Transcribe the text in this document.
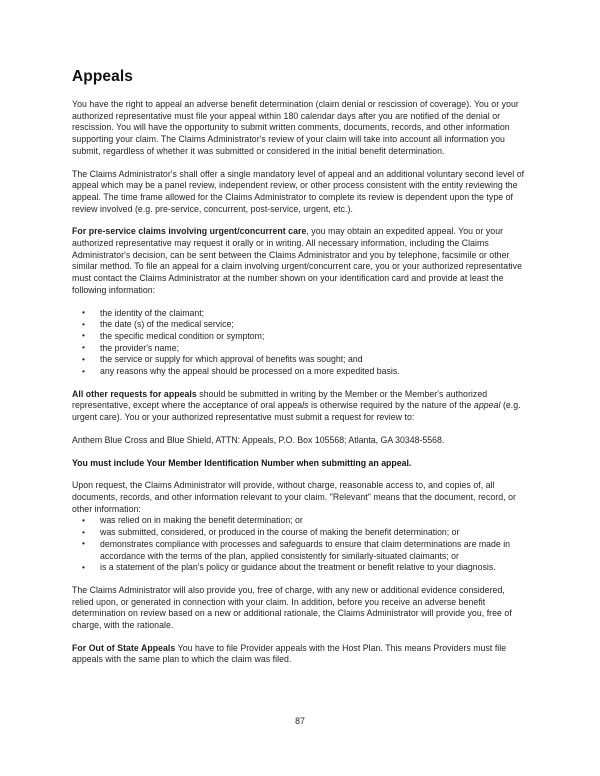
Appeals

You have the right to appeal an adverse benefit determination (claim denial or rescission of coverage). You or your authorized representative must file your appeal within 180 calendar days after you are notified of the denial or rescission. You will have the opportunity to submit written comments, documents, records, and other information supporting your claim. The Claims Administrator's review of your claim will take into account all information you submit, regardless of whether it was submitted or considered in the initial benefit determination.

The Claims Administrator's shall offer a single mandatory level of appeal and an additional voluntary second level of appeal which may be a panel review, independent review, or other process consistent with the entity reviewing the appeal. The time frame allowed for the Claims Administrator to complete its review is dependent upon the type of review involved (e.g. pre-service, concurrent, post-service, urgent, etc.).

For pre-service claims involving urgent/concurrent care, you may obtain an expedited appeal. You or your authorized representative may request it orally or in writing. All necessary information, including the Claims Administrator's decision, can be sent between the Claims Administrator and you by telephone, facsimile or other similar method. To file an appeal for a claim involving urgent/concurrent care, you or your authorized representative must contact the Claims Administrator at the number shown on your identification card and provide at least the following information:

• the identity of the claimant;
• the date (s) of the medical service;
• the specific medical condition or symptom;
• the provider's name;
• the service or supply for which approval of benefits was sought; and
• any reasons why the appeal should be processed on a more expedited basis.

All other requests for appeals should be submitted in writing by the Member or the Member's authorized representative, except where the acceptance of oral appeals is otherwise required by the nature of the appeal (e.g. urgent care). You or your authorized representative must submit a request for review to:

Anthem Blue Cross and Blue Shield, ATTN: Appeals, P.O. Box 105568; Atlanta, GA 30348-5568.

You must include Your Member Identification Number when submitting an appeal.

Upon request, the Claims Administrator will provide, without charge, reasonable access to, and copies of, all documents, records, and other information relevant to your claim. "Relevant" means that the document, record, or other information:

• was relied on in making the benefit determination; or
• was submitted, considered, or produced in the course of making the benefit determination; or
• demonstrates compliance with processes and safeguards to ensure that claim determinations are made in accordance with the terms of the plan, applied consistently for similarly-situated claimants; or
• is a statement of the plan's policy or guidance about the treatment or benefit relative to your diagnosis.

The Claims Administrator will also provide you, free of charge, with any new or additional evidence considered, relied upon, or generated in connection with your claim. In addition, before you receive an adverse benefit determination on review based on a new or additional rationale, the Claims Administrator will provide you, free of charge, with the rationale.

For Out of State Appeals You have to file Provider appeals with the Host Plan. This means Providers must file appeals with the same plan to which the claim was filed.

87
